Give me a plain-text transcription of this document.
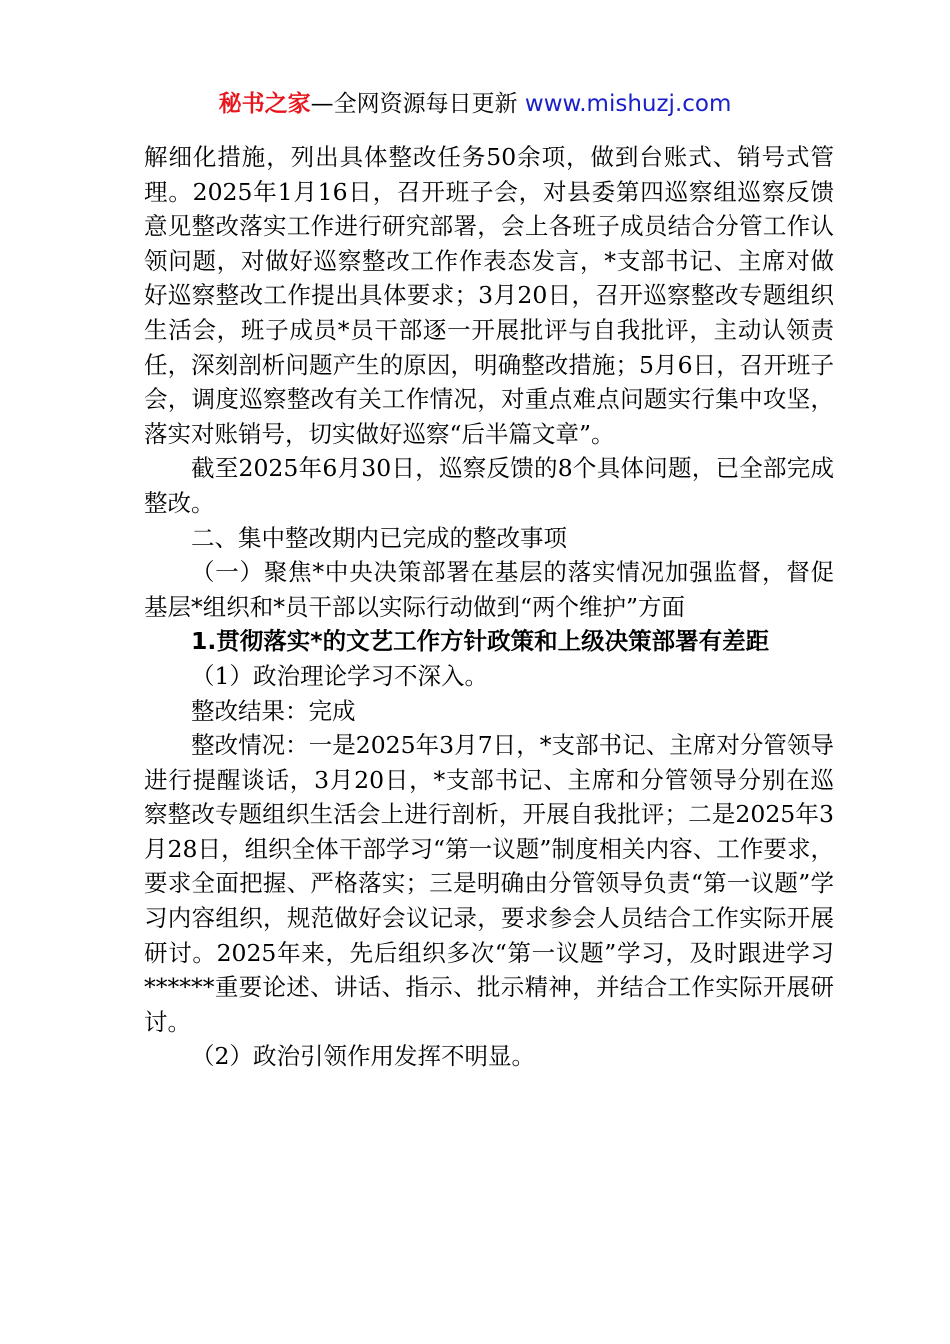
秘书之家—全网资源每日更新 www.mishuzj.com

解细化措施，列出具体整改任务50余项，做到台账式、销号式管理。2025年1月16日，召开班子会，对县委第四巡察组巡察反馈意见整改落实工作进行研究部署，会上各班子成员结合分管工作认领问题，对做好巡察整改工作作表态发言，*支部书记、主席对做好巡察整改工作提出具体要求；3月20日，召开巡察整改专题组织生活会，班子成员*员干部逐一开展批评与自我批评，主动认领责任，深刻剖析问题产生的原因，明确整改措施；5月6日，召开班子会，调度巡察整改有关工作情况，对重点难点问题实行集中攻坚，落实对账销号，切实做好巡察“后半篇文章”。

截至2025年6月30日，巡察反馈的8个具体问题，已全部完成整改。

二、集中整改期内已完成的整改事项

（一）聚焦*中央决策部署在基层的落实情况加强监督，督促基层*组织和*员干部以实际行动做到“两个维护”方面

1.贯彻落实*的文艺工作方针政策和上级决策部署有差距

（1）政治理论学习不深入。

整改结果：完成

整改情况：一是2025年3月7日，*支部书记、主席对分管领导进行提醒谈话，3月20日，*支部书记、主席和分管领导分别在巡察整改专题组织生活会上进行剖析，开展自我批评；二是2025年3月28日，组织全体干部学习“第一议题”制度相关内容、工作要求，要求全面把握、严格落实；三是明确由分管领导负责“第一议题”学习内容组织，规范做好会议记录，要求参会人员结合工作实际开展研讨。2025年来，先后组织多次“第一议题”学习，及时跟进学习******重要论述、讲话、指示、批示精神，并结合工作实际开展研讨。

（2）政治引领作用发挥不明显。
